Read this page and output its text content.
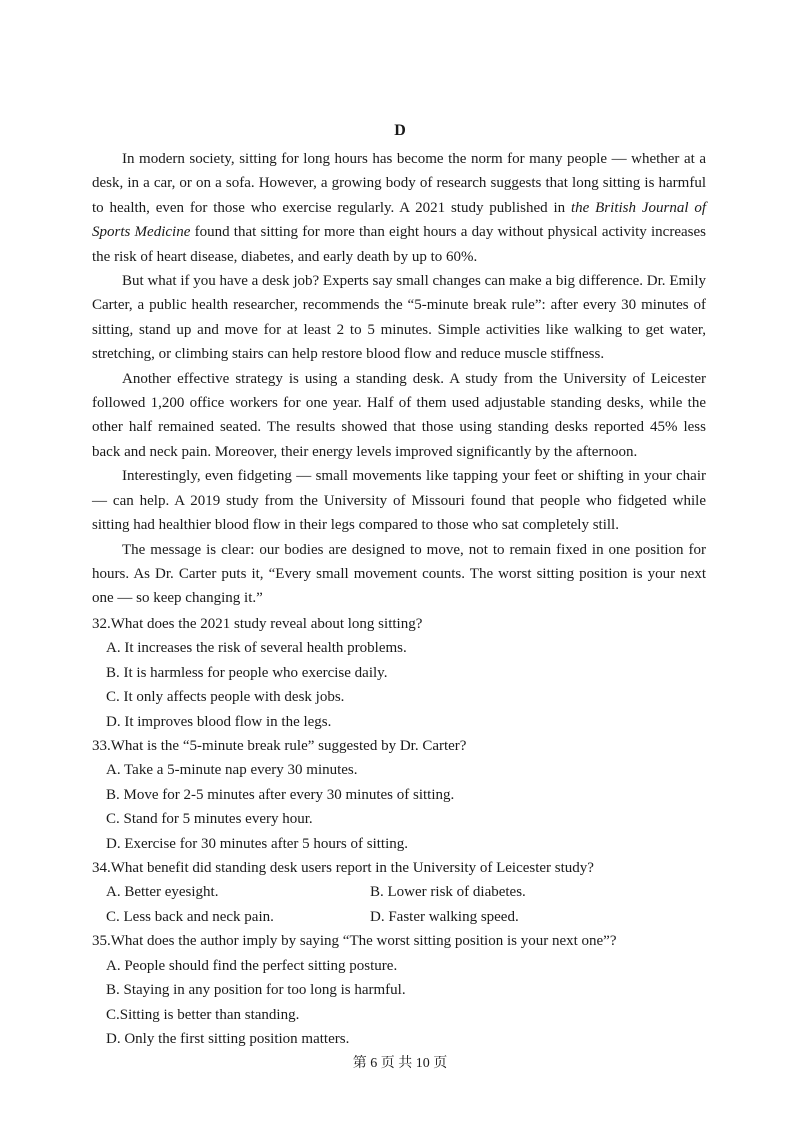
D

In modern society, sitting for long hours has become the norm for many people — whether at a desk, in a car, or on a sofa. However, a growing body of research suggests that long sitting is harmful to health, even for those who exercise regularly. A 2021 study published in the British Journal of Sports Medicine found that sitting for more than eight hours a day without physical activity increases the risk of heart disease, diabetes, and early death by up to 60%.

But what if you have a desk job? Experts say small changes can make a big difference. Dr. Emily Carter, a public health researcher, recommends the “5-minute break rule”: after every 30 minutes of sitting, stand up and move for at least 2 to 5 minutes. Simple activities like walking to get water, stretching, or climbing stairs can help restore blood flow and reduce muscle stiffness.

Another effective strategy is using a standing desk. A study from the University of Leicester followed 1,200 office workers for one year. Half of them used adjustable standing desks, while the other half remained seated. The results showed that those using standing desks reported 45% less back and neck pain. Moreover, their energy levels improved significantly by the afternoon.

Interestingly, even fidgeting — small movements like tapping your feet or shifting in your chair — can help. A 2019 study from the University of Missouri found that people who fidgeted while sitting had healthier blood flow in their legs compared to those who sat completely still.

The message is clear: our bodies are designed to move, not to remain fixed in one position for hours. As Dr. Carter puts it, “Every small movement counts. The worst sitting position is your next one — so keep changing it.”

32.What does the 2021 study reveal about long sitting?

A. It increases the risk of several health problems.

B. It is harmless for people who exercise daily.

C. It only affects people with desk jobs.

D. It improves blood flow in the legs.

33.What is the “5-minute break rule” suggested by Dr. Carter?

A. Take a 5-minute nap every 30 minutes.

B. Move for 2-5 minutes after every 30 minutes of sitting.

C. Stand for 5 minutes every hour.

D. Exercise for 30 minutes after 5 hours of sitting.

34.What benefit did standing desk users report in the University of Leicester study?

A. Better eyesight.	B. Lower risk of diabetes.
C. Less back and neck pain.	D. Faster walking speed.

35.What does the author imply by saying “The worst sitting position is your next one”?

A. People should find the perfect sitting posture.

B. Staying in any position for too long is harmful.

C.Sitting is better than standing.

D. Only the first sitting position matters.

第 6 页 共 10 页
